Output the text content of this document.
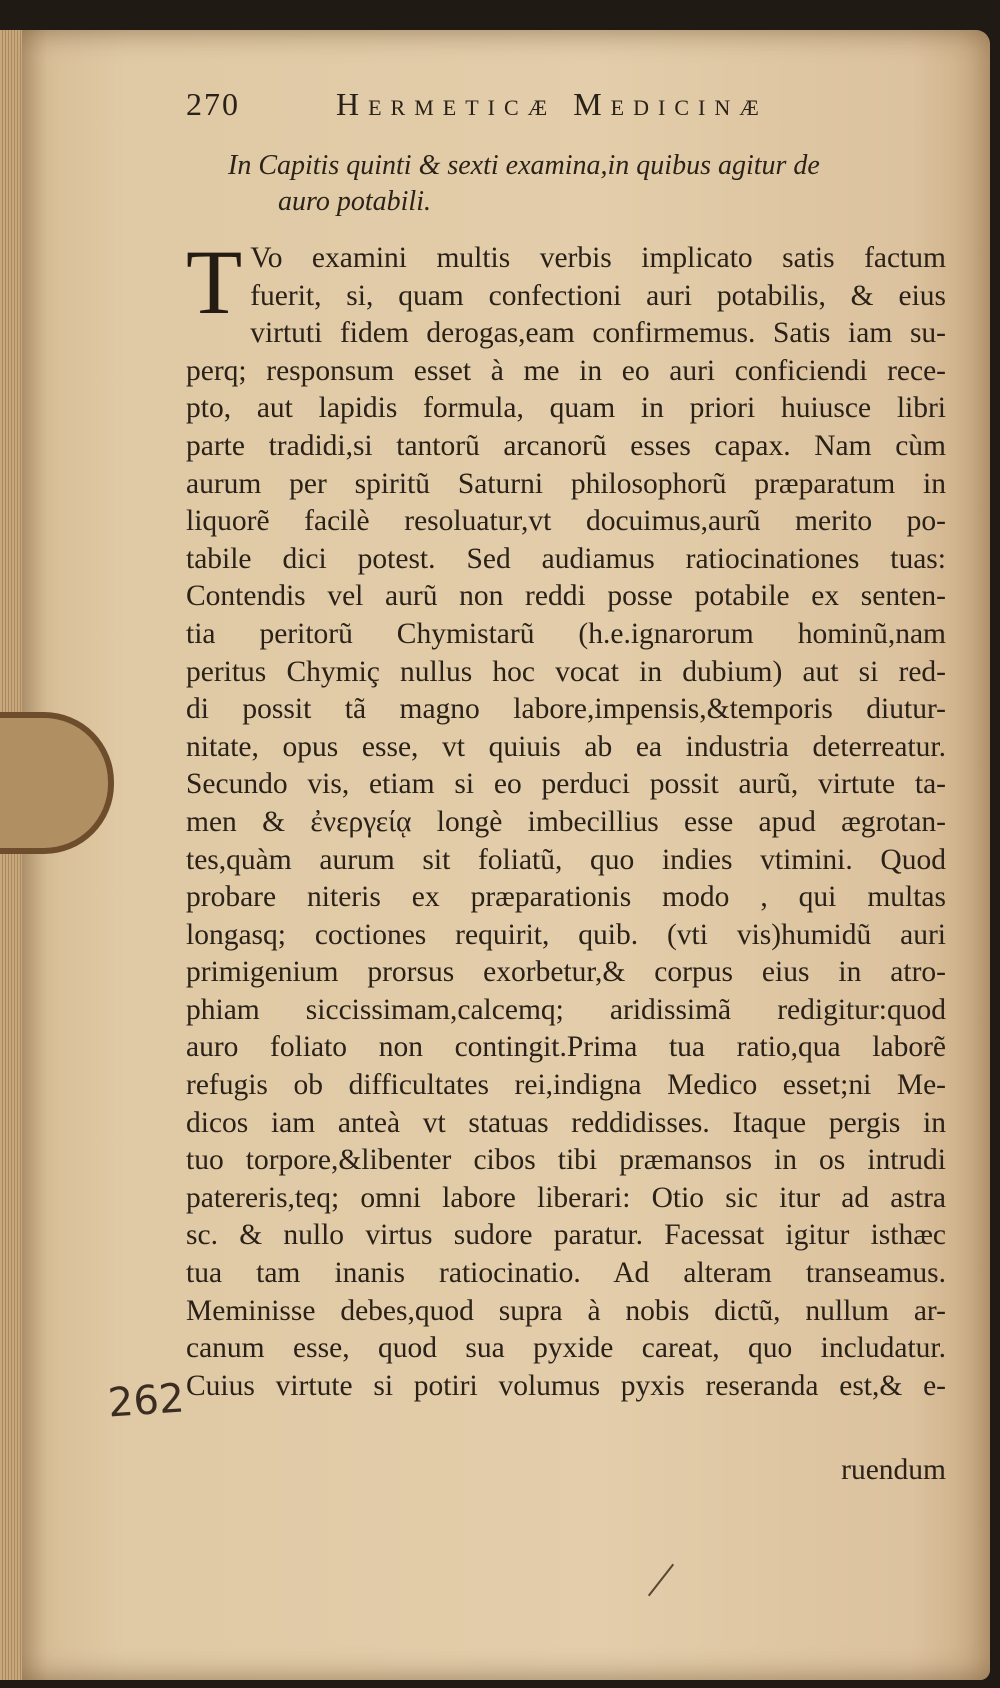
270	Hermeticæ Medicinæ
In Capitis quinti & sexti examina,in quibus agitur de
auro potabili.
T Vo examini multis verbis implicato satis factum
fuerit, si, quam confectioni auri potabilis, & eius
virtuti fidem derogas,eam confirmemus. Satis iam su-
perq; responsum esset à me in eo auri conficiendi rece-
pto, aut lapidis formula, quam in priori huiusce libri
parte tradidi,si tantorũ arcanorũ esses capax. Nam cùm
aurum per spiritũ Saturni philosophorũ præparatum in
liquorẽ facilè resoluatur,vt docuimus,aurũ merito po-
tabile dici potest. Sed audiamus ratiocinationes tuas:
Contendis vel aurũ non reddi posse potabile ex senten-
tia peritorũ Chymistarũ (h.e.ignarorum hominũ,nam
peritus Chymiç nullus hoc vocat in dubium) aut si red-
di possit tã magno labore,impensis,&temporis diutur-
nitate, opus esse, vt quiuis ab ea industria deterreatur.
Secundo vis, etiam si eo perduci possit aurũ, virtute ta-
men & ἐνεργείᾳ longè imbecillius esse apud ægrotan-
tes,quàm aurum sit foliatũ, quo indies vtimini. Quod
probare niteris ex præparationis modo , qui multas
longasq; coctiones requirit, quib. (vti vis)humidũ auri
primigenium prorsus exorbetur,& corpus eius in atro-
phiam siccissimam,calcemq; aridissimã redigitur:quod
auro foliato non contingit.Prima tua ratio,qua laborẽ
refugis ob difficultates rei,indigna Medico esset;ni Me-
dicos iam anteà vt statuas reddidisses. Itaque pergis in
tuo torpore,&libenter cibos tibi præmansos in os intrudi
patereris,teq; omni labore liberari: Otio sic itur ad astra
sc. & nullo virtus sudore paratur. Facessat igitur isthæc
tua tam inanis ratiocinatio. Ad alteram transeamus.
Meminisse debes,quod supra à nobis dictũ, nullum ar-
canum esse, quod sua pyxide careat, quo includatur.
Cuius virtute si potiri volumus pyxis reseranda est,& e-
262
ruendum
